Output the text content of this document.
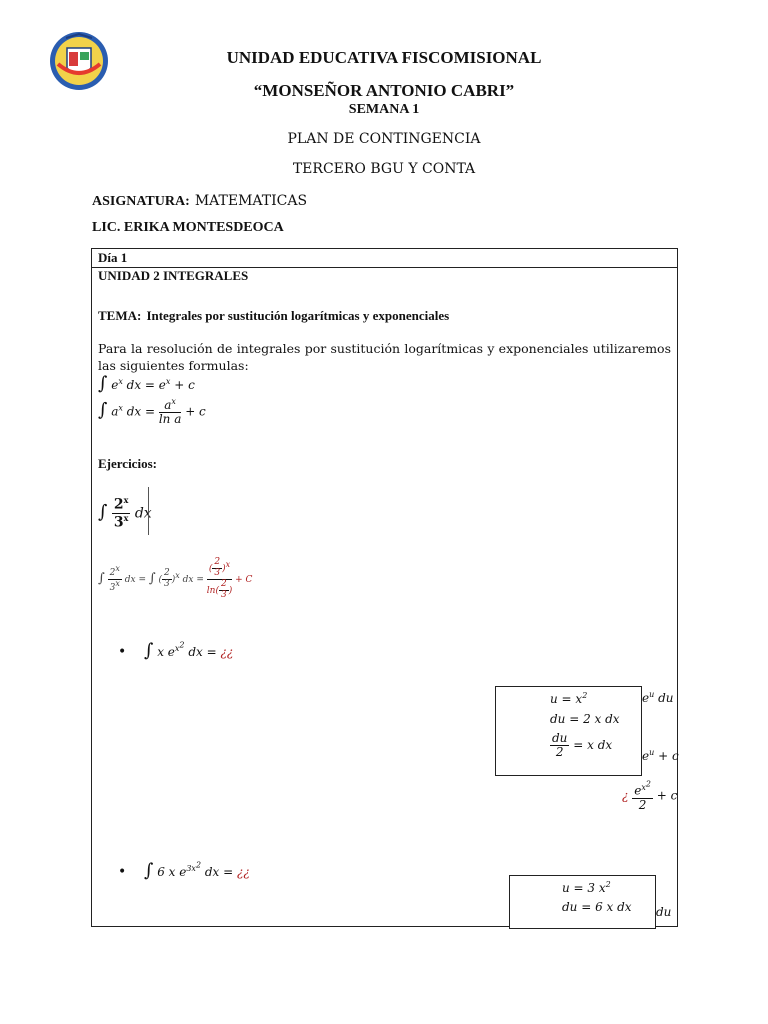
UNIDAD EDUCATIVA FISCOMISIONAL
“MONSEÑOR ANTONIO CABRI”
SEMANA 1
PLAN DE CONTINGENCIA
TERCERO BGU Y CONTA
ASIGNATURA: MATEMATICAS
LIC. ERIKA MONTESDEOCA
Día 1
UNIDAD 2 INTEGRALES
TEMA: Integrales por sustitución logarítmicas y exponenciales
Para la resolución de integrales por sustitución logarítmicas y exponenciales utilizaremos las siguientes formulas:
∫ $e^x$ dx = $e^x + c$
∫ $a^x$ dx = $\frac{a^x}{\text{ln a}} + c$
Ejercicios:
∫ $\frac{2^x}{3^x}$ dx
∫ $\frac{2^x}{3^x}$ dx = ∫ ( $\frac{2}{3} )^x$ dx = $\frac{( \frac{2}{3} )^x}{\ln( \frac{2}{3} )} + C$
• ∫ x $e^{x^2}$ dx = ¿¿
$u = x^2$
du = 2 x dx
$\frac{du}{2} = x$ dx
$e^u$ du
$e^u + c$
¿ $\frac{e^{x^2}}{2} + c$
• ∫ 6 x $e^{3x^2}$ dx = ¿¿
u = 3 $x^2$
du = 6 x dx du
